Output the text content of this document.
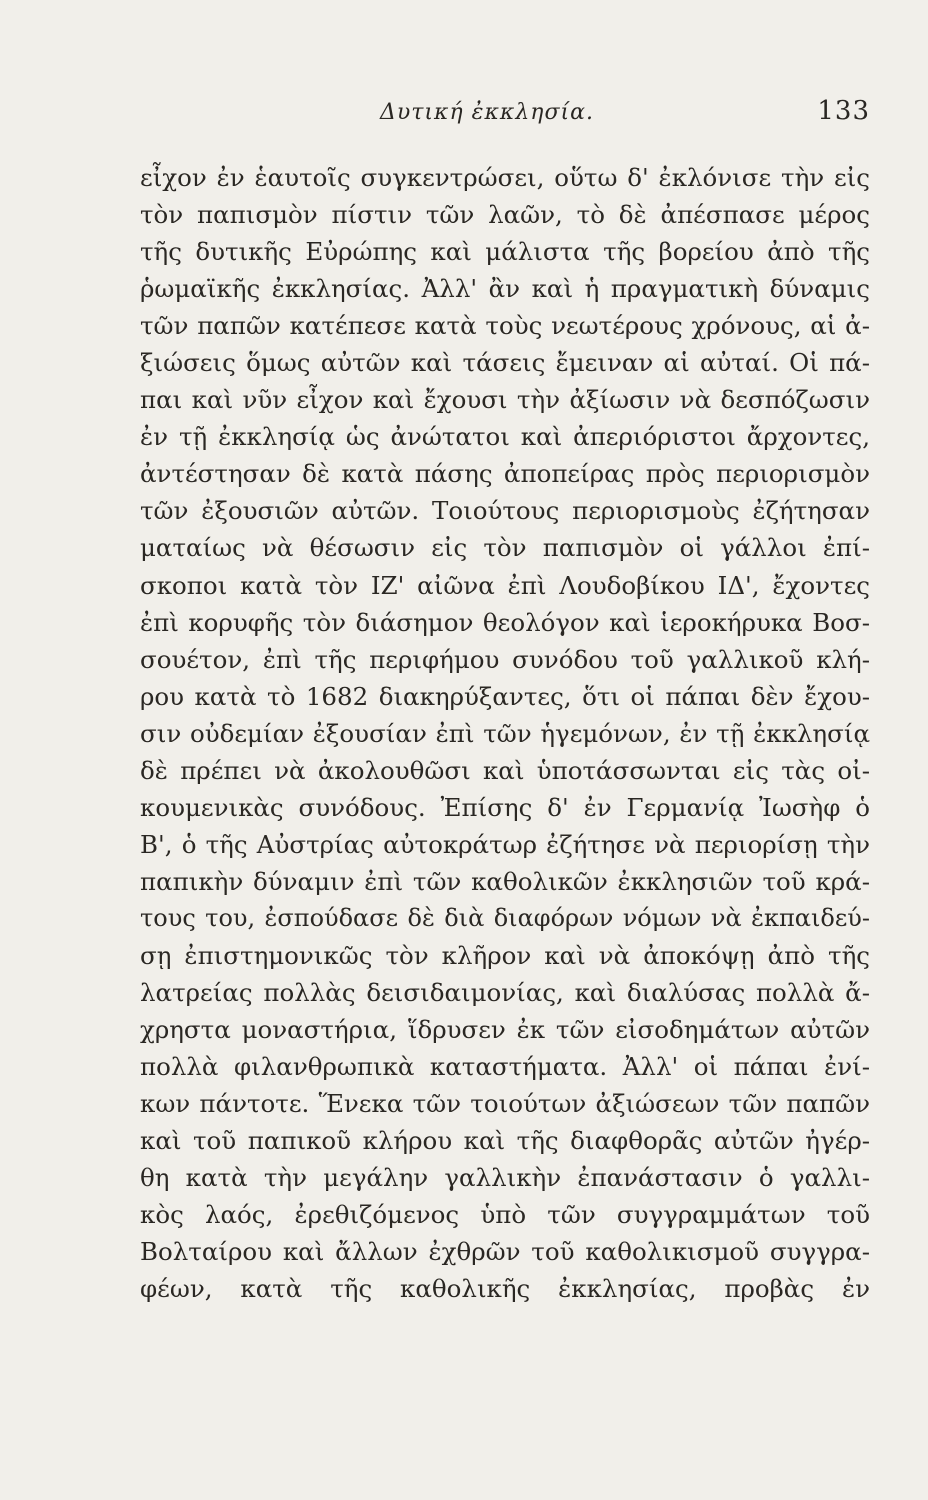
Δυτική ἐκκλησία.	133
εἶχον ἐν ἑαυτοῖς συγκεντρώσει, οὕτω δ' ἐκλόνισε τὴν εἰς
τὸν παπισμὸν πίστιν τῶν λαῶν, τὸ δὲ ἀπέσπασε μέρος
τῆς δυτικῆς Εὐρώπης καὶ μάλιστα τῆς βορείου ἀπὸ τῆς
ῥωμαϊκῆς ἐκκλησίας. Ἀλλ' ἂν καὶ ἡ πραγματικὴ δύναμις
τῶν παπῶν κατέπεσε κατὰ τοὺς νεωτέρους χρόνους, αἱ ἀ-
ξιώσεις ὅμως αὐτῶν καὶ τάσεις ἔμειναν αἱ αὐταί. Οἱ πά-
παι καὶ νῦν εἶχον καὶ ἔχουσι τὴν ἀξίωσιν νὰ δεσπόζωσιν
ἐν τῇ ἐκκλησίᾳ ὡς ἀνώτατοι καὶ ἀπεριόριστοι ἄρχοντες,
ἀντέστησαν δὲ κατὰ πάσης ἀποπείρας πρὸς περιορισμὸν
τῶν ἐξουσιῶν αὐτῶν. Τοιούτους περιορισμοὺς ἐζήτησαν
ματαίως νὰ θέσωσιν εἰς τὸν παπισμὸν οἱ γάλλοι ἐπί-
σκοποι κατὰ τὸν ΙΖ' αἰῶνα ἐπὶ Λουδοβίκου ΙΔ', ἔχοντες
ἐπὶ κορυφῆς τὸν διάσημον θεολόγον καὶ ἱεροκήρυκα Βοσ-
σουέτον, ἐπὶ τῆς περιφήμου συνόδου τοῦ γαλλικοῦ κλή-
ρου κατὰ τὸ 1682 διακηρύξαντες, ὅτι οἱ πάπαι δὲν ἔχου-
σιν οὐδεμίαν ἐξουσίαν ἐπὶ τῶν ἡγεμόνων, ἐν τῇ ἐκκλησίᾳ
δὲ πρέπει νὰ ἀκολουθῶσι καὶ ὑποτάσσωνται εἰς τὰς οἰ-
κουμενικὰς συνόδους. Ἐπίσης δ' ἐν Γερμανίᾳ Ἰωσὴφ ὁ
Β', ὁ τῆς Αὐστρίας αὐτοκράτωρ ἐζήτησε νὰ περιορίσῃ τὴν
παπικὴν δύναμιν ἐπὶ τῶν καθολικῶν ἐκκλησιῶν τοῦ κρά-
τους του, ἐσπούδασε δὲ διὰ διαφόρων νόμων νὰ ἐκπαιδεύ-
σῃ ἐπιστημονικῶς τὸν κλῆρον καὶ νὰ ἀποκόψῃ ἀπὸ τῆς
λατρείας πολλὰς δεισιδαιμονίας, καὶ διαλύσας πολλὰ ἄ-
χρηστα μοναστήρια, ἵδρυσεν ἐκ τῶν εἰσοδημάτων αὐτῶν
πολλὰ φιλανθρωπικὰ καταστήματα. Ἀλλ' οἱ πάπαι ἐνί-
κων πάντοτε. Ἕνεκα τῶν τοιούτων ἀξιώσεων τῶν παπῶν
καὶ τοῦ παπικοῦ κλήρου καὶ τῆς διαφθορᾶς αὐτῶν ἠγέρ-
θη κατὰ τὴν μεγάλην γαλλικὴν ἐπανάστασιν ὁ γαλλι-
κὸς λαός, ἐρεθιζόμενος ὑπὸ τῶν συγγραμμάτων τοῦ
Βολταίρου καὶ ἄλλων ἐχθρῶν τοῦ καθολικισμοῦ συγγρα-
φέων, κατὰ τῆς καθολικῆς ἐκκλησίας, προβὰς ἐν
